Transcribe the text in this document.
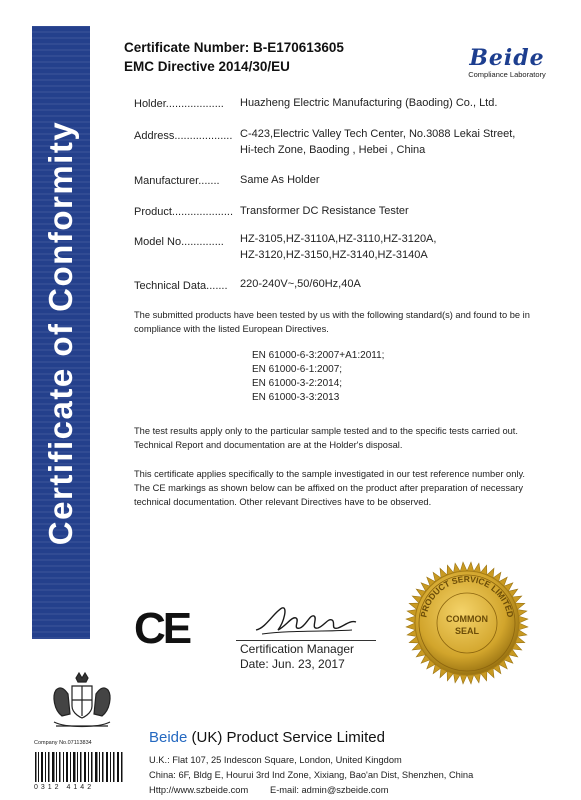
Certificate of Conformity
Certificate Number: B-E170613605
EMC Directive 2014/30/EU	Beide
Compliance Laboratory
Holder................... Huazheng Electric Manufacturing (Baoding) Co., Ltd.
Address................... C-423,Electric Valley Tech Center, No.3088 Lekai Street,
Hi-tech Zone, Baoding , Hebei , China
Manufacturer....... Same As Holder
Product.................... Transformer DC Resistance Tester
Model No.............. HZ-3105,HZ-3110A,HZ-3110,HZ-3120A,
HZ-3120,HZ-3150,HZ-3140,HZ-3140A
Technical Data....... 220-240V~,50/60Hz,40A
The submitted products have been tested by us with the following standard(s) and found to be in
compliance with the listed European Directives.
EN 61000-6-3:2007+A1:2011;
EN 61000-6-1:2007;
EN 61000-3-2:2014;
EN 61000-3-3:2013
The test results apply only to the particular sample tested and to the specific tests carried out.
Technical Report and documentation are at the Holder's disposal.
This certificate applies specifically to the sample investigated in our test reference number only.
The CE markings as shown below can be affixed on the product after preparation of necessary
technical documentation. Other relevant Directives have to be observed.
CE	Certification Manager
Date: Jun. 23, 2017
PRODUCT SERVICE LIMITED
COMMON
SEAL
Company No.07113834
0312 4142
Beide (UK) Product Service Limited
U.K.: Flat 107, 25 Indescon Square, London, United Kingdom
China: 6F, Bldg E, Hourui 3rd Ind Zone, Xixiang, Bao'an Dist, Shenzhen, China
Http://www.szbeide.com E-mail: admin@szbeide.com
